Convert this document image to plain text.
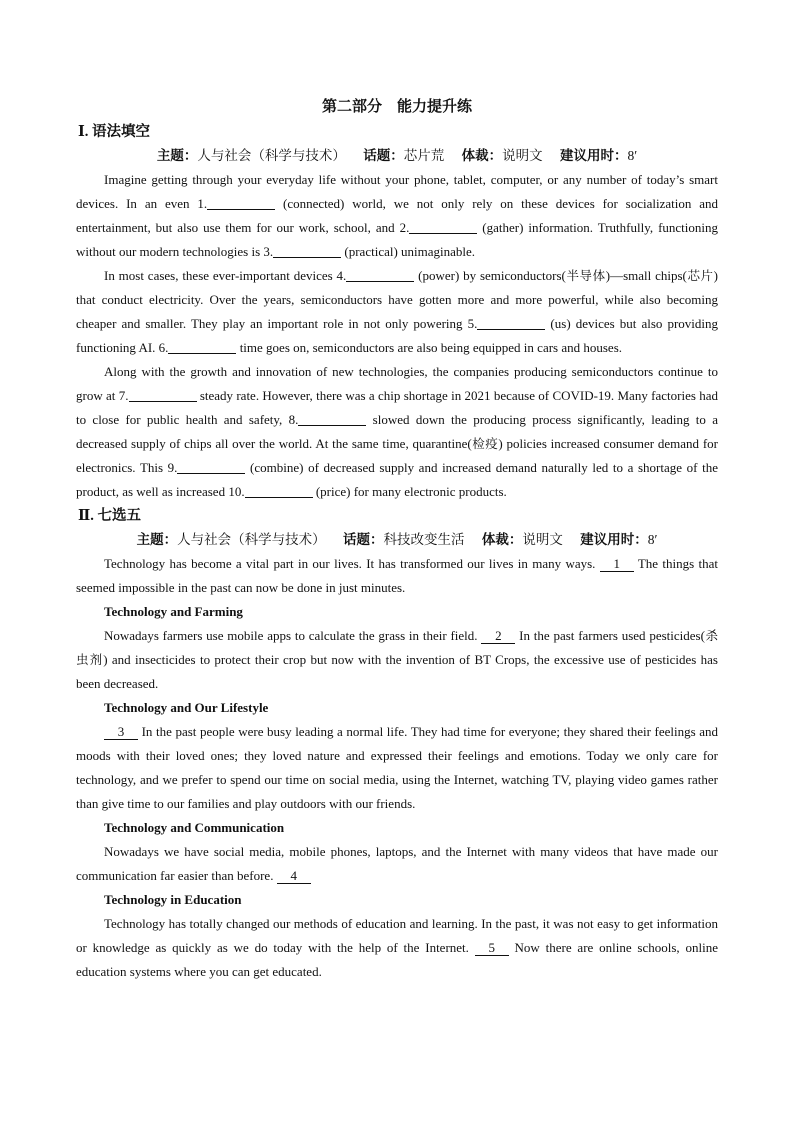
第二部分　能力提升练
Ⅰ. 语法填空
主题：人与社会（科学与技术） 话题：芯片荒 体裁：说明文 建议用时：8′

Imagine getting through your everyday life without your phone, tablet, computer, or any number of today’s smart devices. In an even 1.	(connected) world, we not only rely on these devices for socialization and entertainment, but also use them for our work, school, and 2.	(gather) information. Truthfully, functioning without our modern technologies is 3.	(practical) unimaginable.

In most cases, these ever-important devices 4.	(power) by semiconductors(半导体)—small chips(芯片) that conduct electricity. Over the years, semiconductors have gotten more and more powerful, while also becoming cheaper and smaller. They play an important role in not only powering 5.	(us) devices but also providing functioning AI. 6.	time goes on, semiconductors are also being equipped in cars and houses.

Along with the growth and innovation of new technologies, the companies producing semiconductors continue to grow at 7.	steady rate. However, there was a chip shortage in 2021 because of COVID-19. Many factories had to close for public health and safety, 8.	slowed down the producing process significantly, leading to a decreased supply of chips all over the world. At the same time, quarantine(检疫) policies increased consumer demand for electronics. This 9.	(combine) of decreased supply and increased demand naturally led to a shortage of the product, as well as increased 10.	(price) for many electronic products.

Ⅱ. 七选五
主题：人与社会（科学与技术） 话题：科技改变生活 体裁：说明文 建议用时：8′

Technology has become a vital part in our lives. It has transformed our lives in many ways. 1 The things that seemed impossible in the past can now be done in just minutes.

Technology and Farming

Nowadays farmers use mobile apps to calculate the grass in their field. 2 In the past farmers used pesticides(杀虫剂) and insecticides to protect their crop but now with the invention of BT Crops, the excessive use of pesticides has been decreased.

Technology and Our Lifestyle

3 In the past people were busy leading a normal life. They had time for everyone; they shared their feelings and moods with their loved ones; they loved nature and expressed their feelings and emotions. Today we only care for technology, and we prefer to spend our time on social media, using the Internet, watching TV, playing video games rather than give time to our families and play outdoors with our friends.

Technology and Communication

Nowadays we have social media, mobile phones, laptops, and the Internet with many videos that have made our communication far easier than before. 4

Technology in Education

Technology has totally changed our methods of education and learning. In the past, it was not easy to get information or knowledge as quickly as we do today with the help of the Internet. 5 Now there are online schools, online education systems where you can get educated.
